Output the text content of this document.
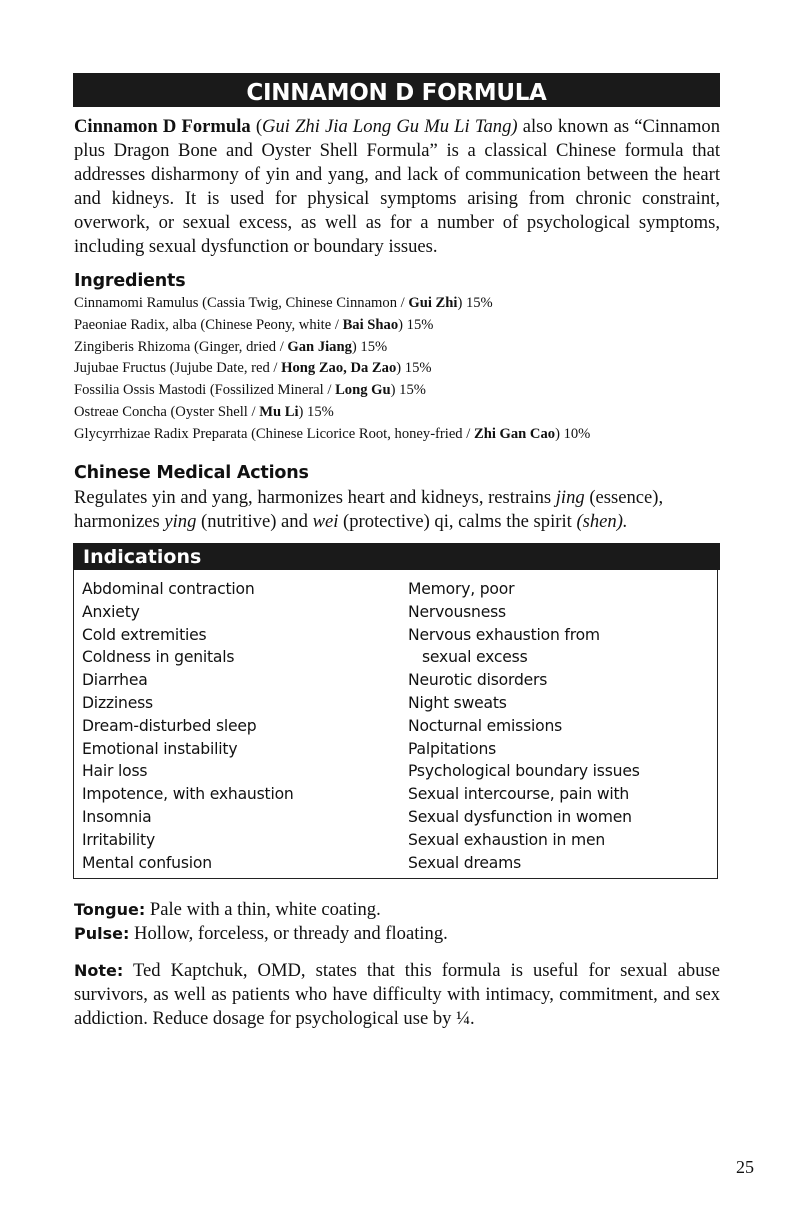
CINNAMON D FORMULA
Cinnamon D Formula (Gui Zhi Jia Long Gu Mu Li Tang) also known as “Cinnamon plus Dragon Bone and Oyster Shell Formula” is a classical Chinese formula that addresses disharmony of yin and yang, and lack of communication between the heart and kidneys. It is used for physical symptoms arising from chronic constraint, overwork, or sexual excess, as well as for a number of psychological symptoms, including sexual dysfunction or boundary issues.
Ingredients
Cinnamomi Ramulus (Cassia Twig, Chinese Cinnamon / Gui Zhi) 15%
Paeoniae Radix, alba (Chinese Peony, white / Bai Shao) 15%
Zingiberis Rhizoma (Ginger, dried / Gan Jiang) 15%
Jujubae Fructus (Jujube Date, red / Hong Zao, Da Zao) 15%
Fossilia Ossis Mastodi (Fossilized Mineral / Long Gu) 15%
Ostreae Concha (Oyster Shell / Mu Li) 15%
Glycyrrhizae Radix Preparata (Chinese Licorice Root, honey-fried / Zhi Gan Cao) 10%
Chinese Medical Actions
Regulates yin and yang, harmonizes heart and kidneys, restrains jing (essence), harmonizes ying (nutritive) and wei (protective) qi, calms the spirit (shen).
Indications
Abdominal contraction
Anxiety
Cold extremities
Coldness in genitals
Diarrhea
Dizziness
Dream-disturbed sleep
Emotional instability
Hair loss
Impotence, with exhaustion
Insomnia
Irritability
Mental confusion
Memory, poor
Nervousness
Nervous exhaustion from
sexual excess
Neurotic disorders
Night sweats
Nocturnal emissions
Palpitations
Psychological boundary issues
Sexual intercourse, pain with
Sexual dysfunction in women
Sexual exhaustion in men
Sexual dreams
Tongue: Pale with a thin, white coating.
Pulse: Hollow, forceless, or thready and floating.
Note: Ted Kaptchuk, OMD, states that this formula is useful for sexual abuse survivors, as well as patients who have difficulty with intimacy, commitment, and sex addiction. Reduce dosage for psychological use by ¼.
25
